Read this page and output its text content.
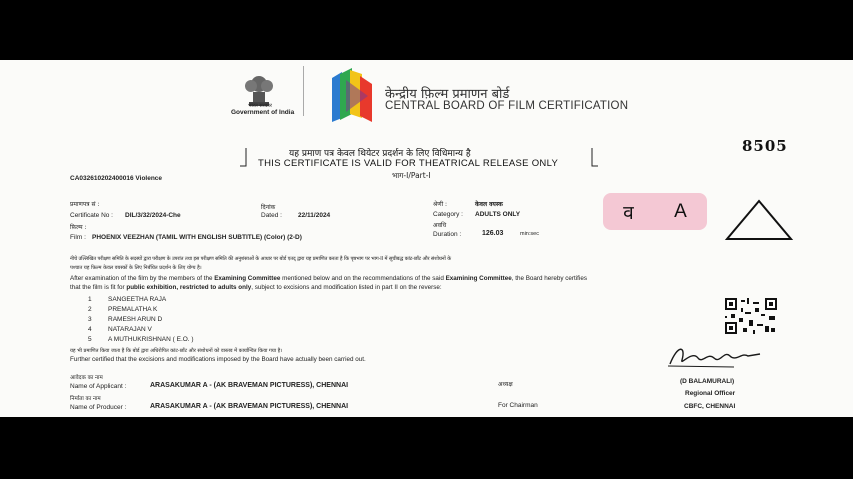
भारत सरकार
Government of India
केन्द्रीय फ़िल्म प्रमाणन बोर्ड
CENTRAL BOARD OF FILM CERTIFICATION
यह प्रमाण पत्र केवल थियेटर प्रदर्शन के लिए विधिमान्य है
THIS CERTIFICATE IS VALID FOR THEATRICAL RELEASE ONLY
भाग-I/Part-I
8505
CA032610202400016 Violence
प्रमाणपत्र सं :
Certificate No : DIL/3/32/2024-Che
दिनांक
Dated : 22/11/2024
श्रेणी :	केवल वयस्क
Category : ADULTS ONLY
अवधि
Duration :	126.03	min:sec
फ़िल्म :
Film : PHOENIX VEEZHAN (TAMIL WITH ENGLISH SUBTITLE) (Color) (2-D)
व A
नीचे उल्लिखित परीक्षण समिति के सदस्यों द्वारा परीक्षण के उपरांत तथा इस परीक्षण समिति की अनुशंसाओं के आधार पर बोर्ड एतद् द्वारा यह प्रमाणित करता है कि पृष्ठभाग पर भाग-II में सूचीबद्ध कांट-छाँट और संशोधनों के
पश्चात यह फ़िल्म केवल वयस्कों के लिए निर्बंधित प्रदर्शन के लिए योग्य है।
After examination of the film by the members of the Examining Committee mentioned below and on the recommendations of the said Examining Committee, the Board hereby certifies
that the film is fit for public exhibition, restricted to adults only, subject to excisions and modification listed in part II on the reverse:
1	SANGEETHA RAJA
2	PREMALATHA K
3	RAMESH ARUN D
4	NATARAJAN V
5	A MUTHUKRISHNAN ( E.O. )
यह भी प्रमाणित किया जाता है कि बोर्ड द्वारा अधिरोपित कांट-छाँट और संशोधनों को वास्तव में कार्यान्वित किया गया है।
Further certified that the excisions and modifications imposed by the Board have actually been carried out.
आवेदक का नाम
Name of Applicant :	ARASAKUMAR A - (AK BRAVEMAN PICTURESS), CHENNAI
निर्माता का नाम
Name of Producer :	ARASAKUMAR A - (AK BRAVEMAN PICTURESS), CHENNAI
अध्यक्ष
For Chairman
(D BALAMURALI)
Regional Officer
CBFC, CHENNAI
